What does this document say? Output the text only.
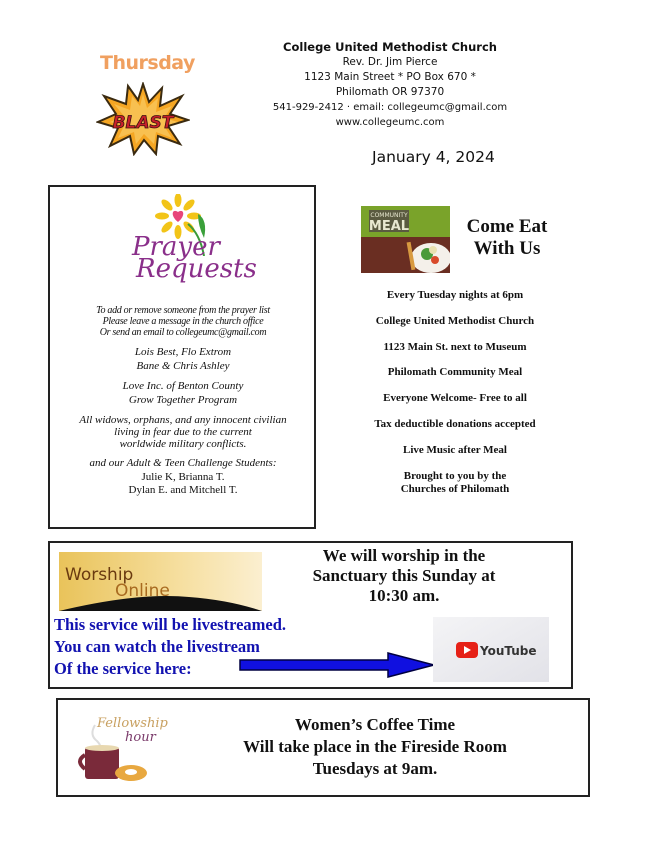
Thursday
BLAST
College United Methodist Church
Rev. Dr. Jim Pierce
1123 Main Street * PO Box 670 *
Philomath OR 97370
541-929-2412 · email: collegeumc@gmail.com
www.collegeumc.com
January 4, 2024
Prayer
Requests
To add or remove someone from the prayer list
Please leave a message in the church office
Or send an email to collegeumc@gmail.com

Lois Best, Flo Extrom
Bane & Chris Ashley

Love Inc. of Benton County
Grow Together Program

All widows, orphans, and any innocent civilian
living in fear due to the current
worldwide military conflicts.

and our Adult & Teen Challenge Students:
Julie K, Brianna T.
Dylan E. and Mitchell T.

COMMUNITY
MEAL	Come Eat
With Us
Every Tuesday nights at 6pm
College United Methodist Church
1123 Main St. next to Museum
Philomath Community Meal
Everyone Welcome- Free to all
Tax deductible donations accepted
Live Music after Meal
Brought to you by the
Churches of Philomath
Worship
Online
We will worship in the
Sanctuary this Sunday at
10:30 am.
This service will be livestreamed.
You can watch the livestream
Of the service here:
YouTube
Fellowship
hour
Women’s Coffee Time
Will take place in the Fireside Room
Tuesdays at 9am.
